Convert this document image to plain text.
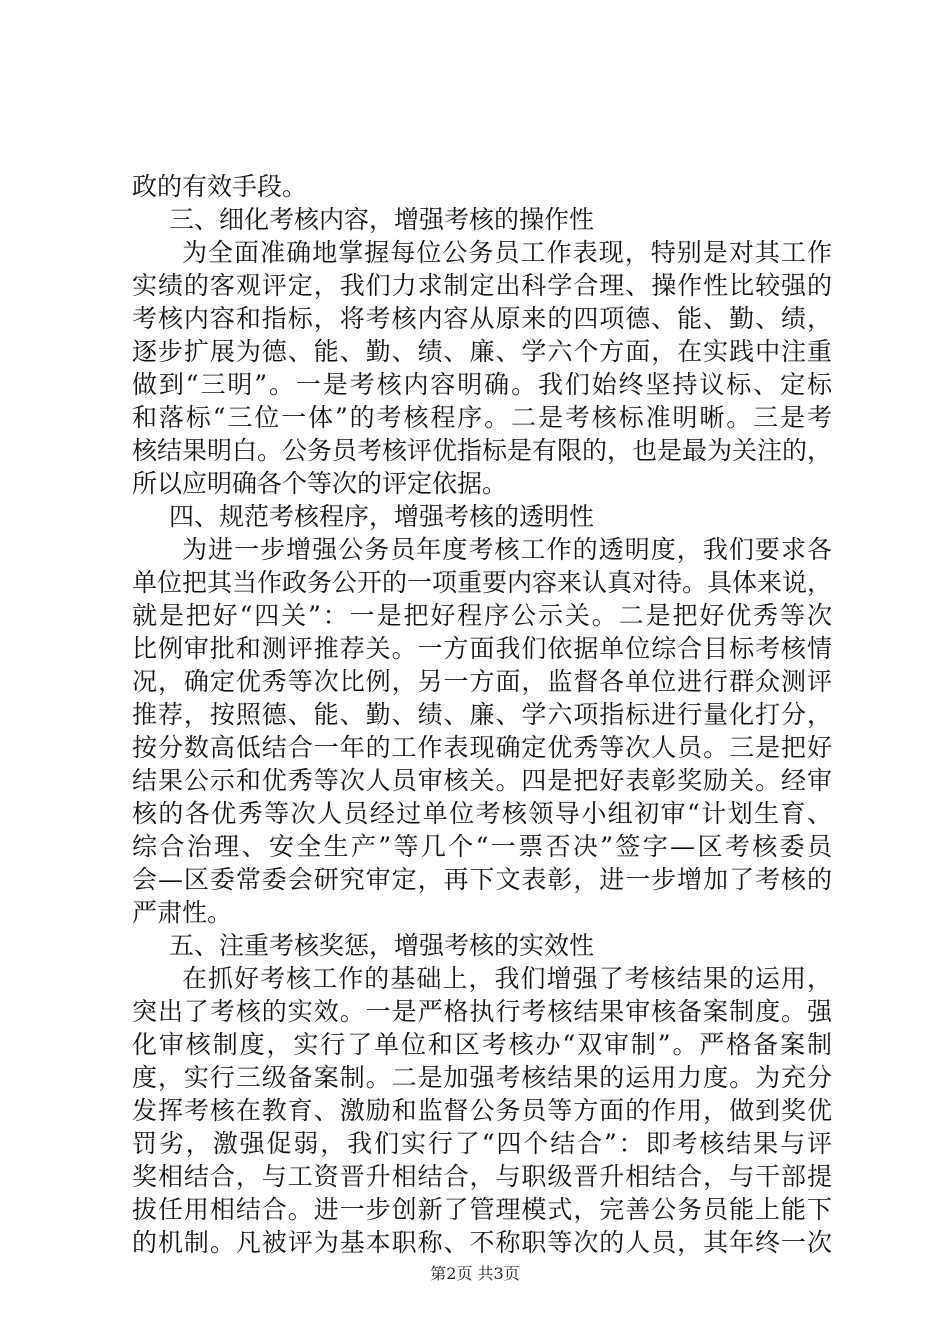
政的有效手段。
三、细化考核内容，增强考核的操作性
为全面准确地掌握每位公务员工作表现，特别是对其工作
实绩的客观评定，我们力求制定出科学合理、操作性比较强的
考核内容和指标，将考核内容从原来的四项德、能、勤、绩，
逐步扩展为德、能、勤、绩、廉、学六个方面，在实践中注重
做到“三明”。一是考核内容明确。我们始终坚持议标、定标
和落标“三位一体”的考核程序。二是考核标准明晰。三是考
核结果明白。公务员考核评优指标是有限的，也是最为关注的，
所以应明确各个等次的评定依据。
四、规范考核程序，增强考核的透明性
为进一步增强公务员年度考核工作的透明度，我们要求各
单位把其当作政务公开的一项重要内容来认真对待。具体来说，
就是把好“四关”：一是把好程序公示关。二是把好优秀等次
比例审批和测评推荐关。一方面我们依据单位综合目标考核情
况，确定优秀等次比例，另一方面，监督各单位进行群众测评
推荐，按照德、能、勤、绩、廉、学六项指标进行量化打分，
按分数高低结合一年的工作表现确定优秀等次人员。三是把好
结果公示和优秀等次人员审核关。四是把好表彰奖励关。经审
核的各优秀等次人员经过单位考核领导小组初审“计划生育、
综合治理、安全生产”等几个“一票否决”签字—区考核委员
会—区委常委会研究审定，再下文表彰，进一步增加了考核的
严肃性。
五、注重考核奖惩，增强考核的实效性
在抓好考核工作的基础上，我们增强了考核结果的运用，
突出了考核的实效。一是严格执行考核结果审核备案制度。强
化审核制度，实行了单位和区考核办“双审制”。严格备案制
度，实行三级备案制。二是加强考核结果的运用力度。为充分
发挥考核在教育、激励和监督公务员等方面的作用，做到奖优
罚劣，激强促弱，我们实行了“四个结合”：即考核结果与评
奖相结合，与工资晋升相结合，与职级晋升相结合，与干部提
拔任用相结合。进一步创新了管理模式，完善公务员能上能下
的机制。凡被评为基本职称、不称职等次的人员，其年终一次
第2页 共3页
